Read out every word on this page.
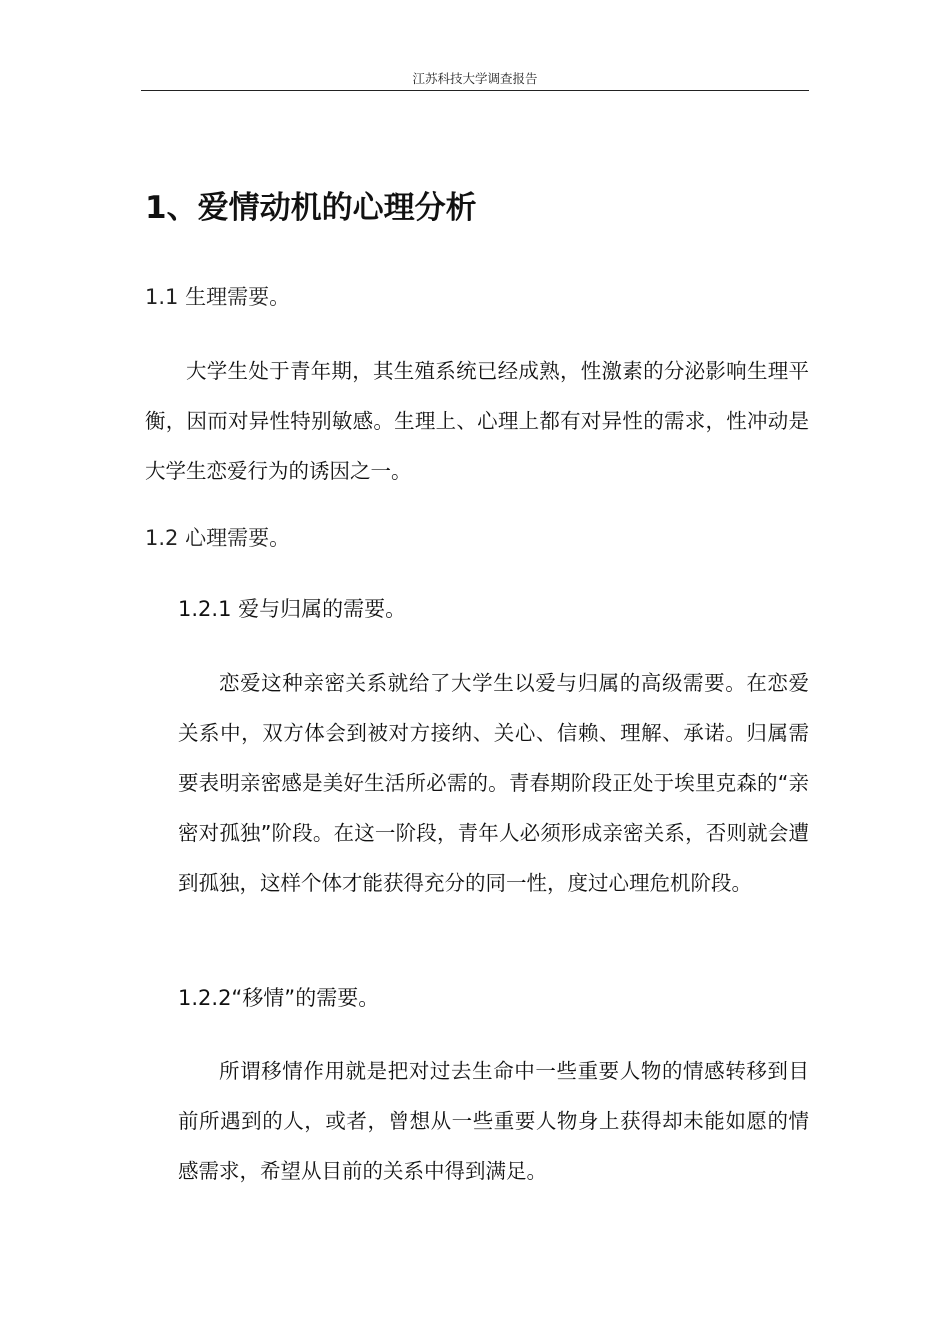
江苏科技大学调查报告
1、爱情动机的心理分析
1.1 生理需要。

大学生处于青年期，其生殖系统已经成熟，性激素的分泌影响生理平衡，因而对异性特别敏感。生理上、心理上都有对异性的需求，性冲动是大学生恋爱行为的诱因之一。

1.2 心理需要。
1.2.1 爱与归属的需要。

恋爱这种亲密关系就给了大学生以爱与归属的高级需要。在恋爱关系中，双方体会到被对方接纳、关心、信赖、理解、承诺。归属需要表明亲密感是美好生活所必需的。青春期阶段正处于埃里克森的“亲密对孤独”阶段。在这一阶段，青年人必须形成亲密关系，否则就会遭到孤独，这样个体才能获得充分的同一性，度过心理危机阶段。

1.2.2“移情”的需要。

所谓移情作用就是把对过去生命中一些重要人物的情感转移到目前所遇到的人，或者，曾想从一些重要人物身上获得却未能如愿的情感需求，希望从目前的关系中得到满足。
